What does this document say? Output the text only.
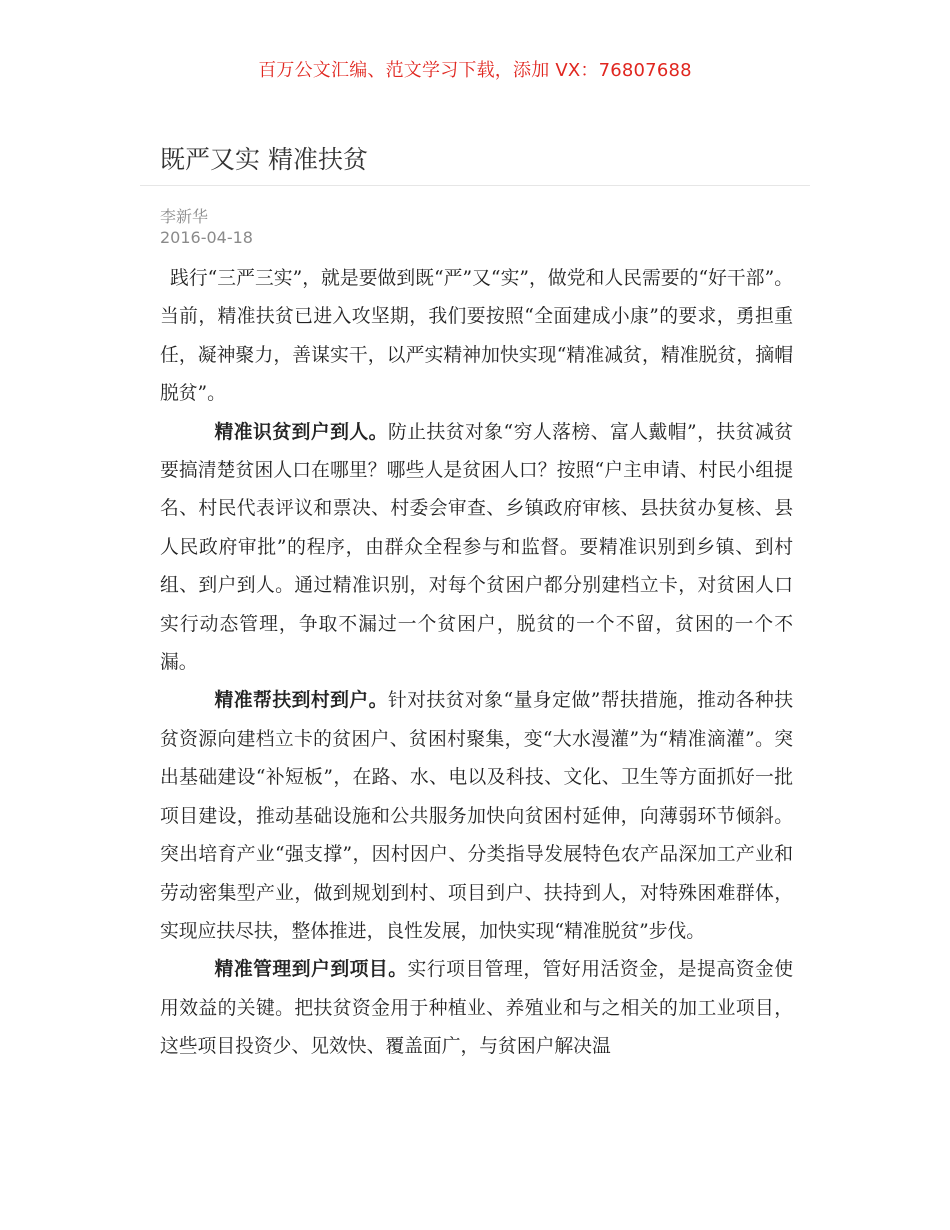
百万公文汇编、范文学习下载，添加 VX：76807688
既严又实 精准扶贫
李新华
2016-04-18

践行“三严三实”，就是要做到既“严”又“实”，做党和人民需要的“好干部”。当前，精准扶贫已进入攻坚期，我们要按照“全面建成小康”的要求，勇担重任，凝神聚力，善谋实干，以严实精神加快实现“精准减贫，精准脱贫，摘帽脱贫”。

精准识贫到户到人。防止扶贫对象“穷人落榜、富人戴帽”，扶贫减贫要搞清楚贫困人口在哪里？哪些人是贫困人口？按照“户主申请、村民小组提名、村民代表评议和票决、村委会审查、乡镇政府审核、县扶贫办复核、县人民政府审批”的程序，由群众全程参与和监督。要精准识别到乡镇、到村组、到户到人。通过精准识别，对每个贫困户都分别建档立卡，对贫困人口实行动态管理，争取不漏过一个贫困户，脱贫的一个不留，贫困的一个不漏。

精准帮扶到村到户。针对扶贫对象“量身定做”帮扶措施，推动各种扶贫资源向建档立卡的贫困户、贫困村聚集，变“大水漫灌”为“精准滴灌”。突出基础建设“补短板”，在路、水、电以及科技、文化、卫生等方面抓好一批项目建设，推动基础设施和公共服务加快向贫困村延伸，向薄弱环节倾斜。突出培育产业“强支撑”，因村因户、分类指导发展特色农产品深加工产业和劳动密集型产业，做到规划到村、项目到户、扶持到人，对特殊困难群体，实现应扶尽扶，整体推进，良性发展，加快实现“精准脱贫”步伐。

精准管理到户到项目。实行项目管理，管好用活资金，是提高资金使用效益的关键。把扶贫资金用于种植业、养殖业和与之相关的加工业项目，这些项目投资少、见效快、覆盖面广，与贫困户解决温
